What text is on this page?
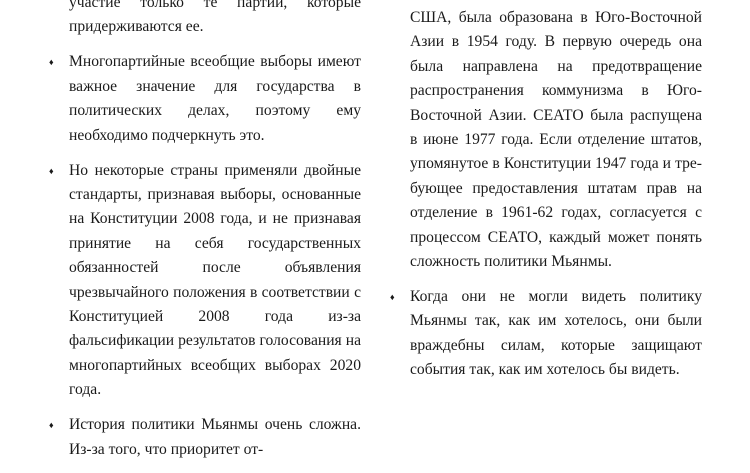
участие только те партии, которые придерживаются ее.

♦ Многопартийные всеобщие выборы имеют важное значение для государства в политических делах, поэтому ему необходимо подчеркнуть это.
♦ Но некоторые страны применяли двойные стандарты, признавая выборы, основанные на Конституции 2008 года, и не признавая принятие на себя государственных обязанностей после объявления чрезвычайного положения в соответствии с Конституцией 2008 года из-за фальсификации результатов голосования на многопартийных всеобщих выборах 2020 года.
♦ История политики Мьянмы очень сложна. Из-за того, что приоритет от-

США, была образована в Юго-Восточной Азии в 1954 году. В первую очередь она была направлена на предотвращение распространения коммунизма в Юго-Восточной Азии. СЕАТО была распущена в июне 1977 года. Если отделение штатов, упомянутое в Конституции 1947 года и требующее предоставления штатам прав на отделение в 1961-62 годах, согласуется с процессом СЕАТО, каждый может понять сложность политики Мьянмы.

♦ Когда они не могли видеть политику Мьянмы так, как им хотелось, они были враждебны силам, которые защищают события так, как им хотелось бы видеть.
